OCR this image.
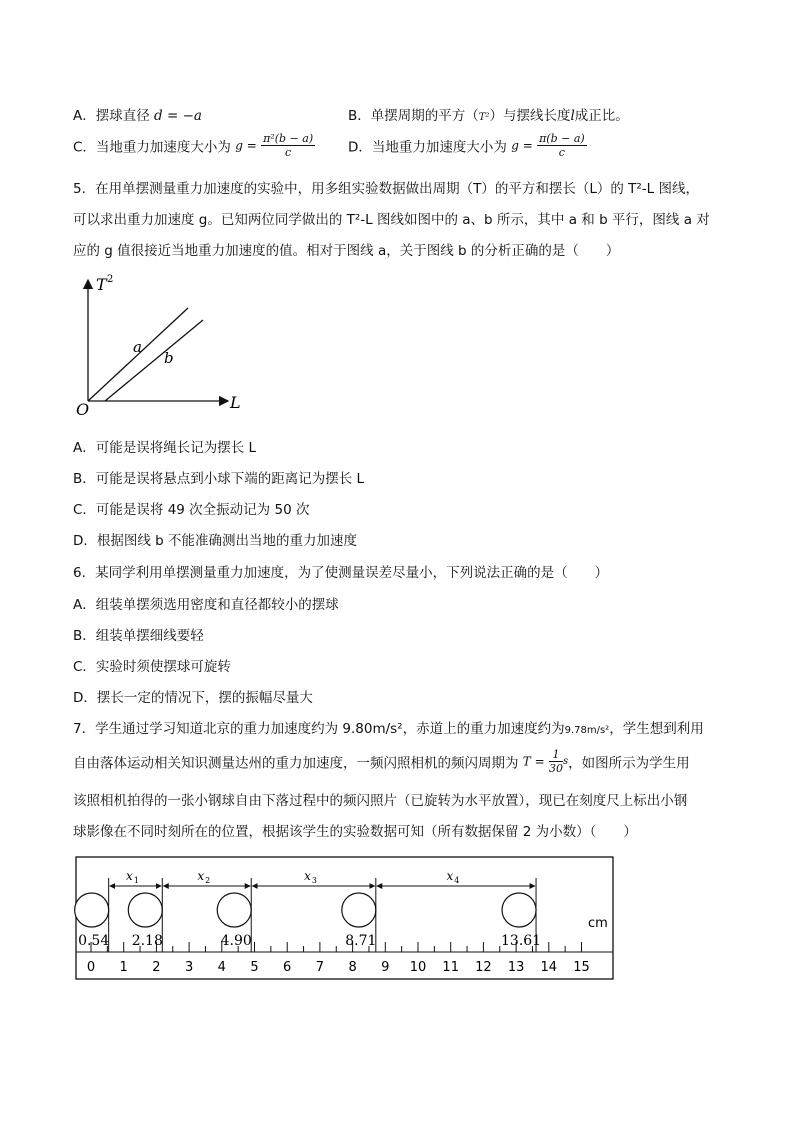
A．摆球直径 d = −a	B．单摆周期的平方（T²）与摆线长度l成正比。
C．当地重力加速度大小为 $g = \frac{\text{π²(b − a)}}{c}$ D．当地重力加速度大小为 $g = \frac{\pi(b - a)}{c}$
5．在用单摆测量重力加速度的实验中，用多组实验数据做出周期（T）的平方和摆长（L）的 T²-L 图线，
可以求出重力加速度 g。已知两位同学做出的 T²-L 图线如图中的 a、b 所示，其中 a 和 b 平行，图线 a 对
应的 g 值很接近当地重力加速度的值。相对于图线 a，关于图线 b 的分析正确的是（　　）
T 2
L
O
a
b
A．可能是误将绳长记为摆长 L
B．可能是误将悬点到小球下端的距离记为摆长 L
C．可能是误将 49 次全振动记为 50 次
D．根据图线 b 不能准确测出当地的重力加速度
6．某同学利用单摆测量重力加速度，为了使测量误差尽量小，下列说法正确的是（　　）
A．组装单摆须选用密度和直径都较小的摆球
B．组装单摆细线要轻
C．实验时须使摆球可旋转
D．摆长一定的情况下，摆的振幅尽量大
7．学生通过学习知道北京的重力加速度约为 9.80m/s²，赤道上的重力加速度约为9.78m/s²，学生想到利用
自由落体运动相关知识测量达州的重力加速度，一频闪照相机的频闪周期为 $T = \frac{1}{30}$ s，如图所示为学生用
该照相机拍得的一张小钢球自由下落过程中的频闪照片（已旋转为水平放置），现已在刻度尺上标出小钢
球影像在不同时刻所在的位置，根据该学生的实验数据可知（所有数据保留 2 为小数）（　　）
0 1 2 3 4 5 6 7 8 9 10 11 12 13 14 15
0.54 2.18	4.90	8.71	13.61
$x_1$	$x_2$	$x_3$	$x_4$
cm
